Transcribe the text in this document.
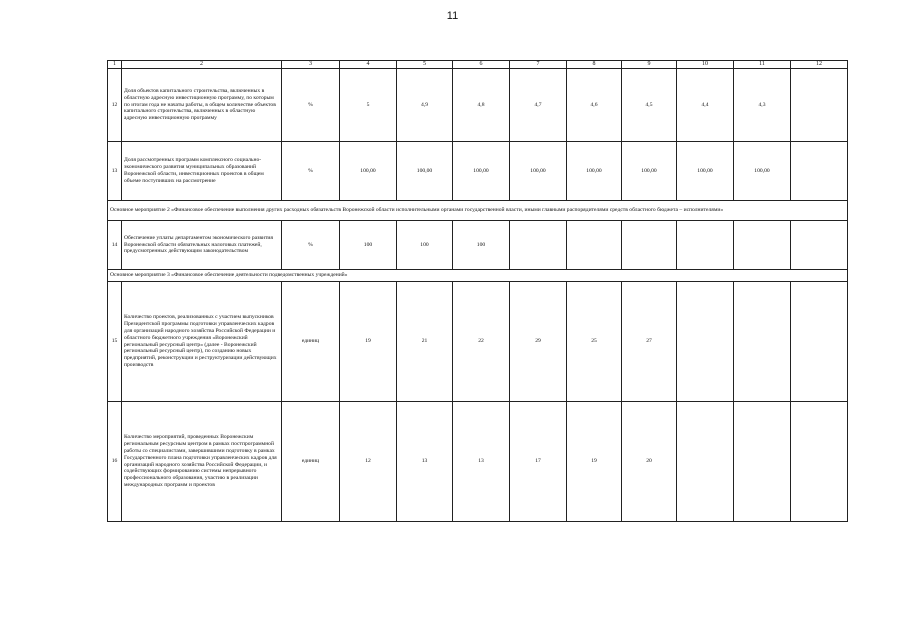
11
1	2	3	4	5	6	7	8	9	10	11	12
12	Доля объектов капитального строительства, включенных в областную адресную инвестиционную программу, по которым по итогам года не начаты работы, в общем количестве объектов капитального строительства, включенных в областную адресную инвестиционную программу	%	5	4,9	4,8	4,7	4,6	4,5	4,4	4,3	
13	Доля рассмотренных программ комплексного социально-экономического развития муниципальных образований Воронежской области, инвестиционных проектов в общем объеме поступивших на рассмотрение	%	100,00	100,00	100,00	100,00	100,00	100,00	100,00	100,00	
Основное мероприятие 2 «Финансовое обеспечение выполнения других расходных обязательств Воронежской области исполнительными органами государственной власти, иными главными распорядителями средств областного бюджета – исполнителями»											
14	Обеспечение уплаты департаментом экономического развития Воронежской области обязательных налоговых платежей, предусмотренных действующим законодательством	%	100	100	100						
Основное мероприятие 3 «Финансовое обеспечение деятельности подведомственных учреждений»											
15	Количество проектов, реализованных с участием выпускников Президентской программы подготовки управленческих кадров для организаций народного хозяйства Российской Федерации и областного бюджетного учреждения «Воронежский региональный ресурсный центр» (далее - Воронежский региональный ресурсный центр), по созданию новых предприятий, реконструкции и реструктуризации действующих производств	единиц	19	21	22	29	25	27			
16	Количество мероприятий, проведенных Воронежским региональным ресурсным центром в рамках постпрограммной работы со специалистами, завершившими подготовку в рамках Государственного плана подготовки управленческих кадров для организаций народного хозяйства Российской Федерации, и содействующих формированию системы непрерывного профессионального образования, участию в реализации международных программ и проектов	единиц	12	13	13	17	19	20			
